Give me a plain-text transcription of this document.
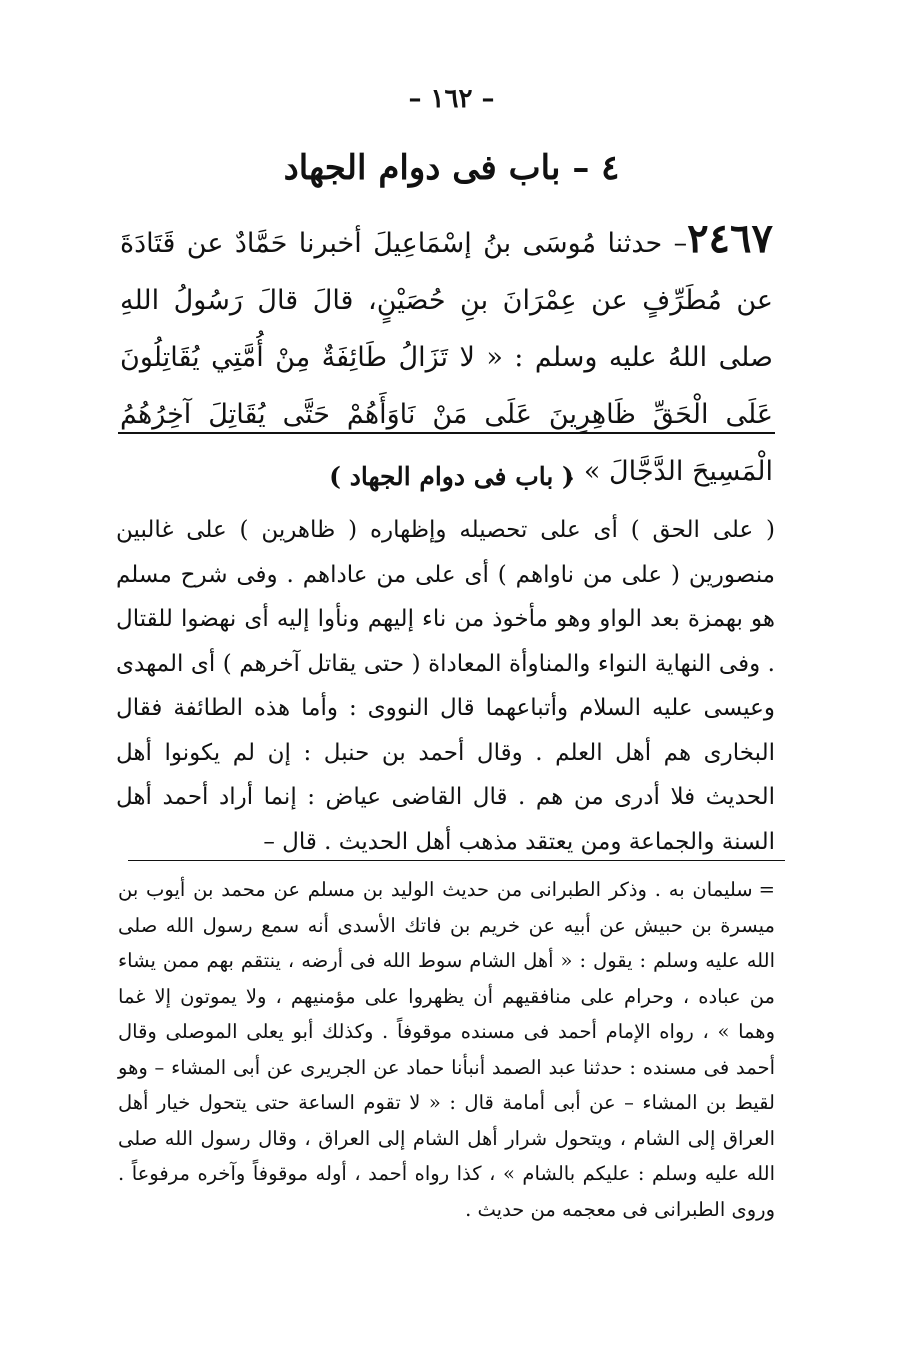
– ١٦٢ –
٤ – باب فى دوام الجهاد
٢٤٦٧– حدثنا مُوسَى بنُ إسْمَاعِيلَ أخبرنا حَمَّادٌ عن قَتَادَةَ عن مُطَرِّفٍ عن عِمْرَانَ بنِ حُصَيْنٍ، قالَ قالَ رَسُولُ اللهِ صلى اللهُ عليه وسلم : « لا تَزَالُ طَائِفَةٌ مِنْ أُمَّتِي يُقَاتِلُونَ عَلَى الْحَقِّ ظَاهِرِينَ عَلَى مَنْ نَاوَأَهُمْ حَتَّى يُقَاتِلَ آخِرُهُمُ الْمَسِيحَ الدَّجَّالَ » .
( باب فى دوام الجهاد )

( على الحق ) أى على تحصيله وإظهاره ( ظاهرين ) على غالبين منصورين ( على من ناواهم ) أى على من عاداهم . وفى شرح مسلم هو بهمزة بعد الواو وهو مأخوذ من ناء إليهم ونأوا إليه أى نهضوا للقتال . وفى النهاية النواء والمناوأة المعاداة ( حتى يقاتل آخرهم ) أى المهدى وعيسى عليه السلام وأتباعهما قال النووى : وأما هذه الطائفة فقال البخارى هم أهل العلم . وقال أحمد بن حنبل : إن لم يكونوا أهل الحديث فلا أدرى من هم . قال القاضى عياض : إنما أراد أحمد أهل السنة والجماعة ومن يعتقد مذهب أهل الحديث . قال –

=سليمان به . وذكر الطبرانى من حديث الوليد بن مسلم عن محمد بن أيوب بن ميسرة بن حبيش عن أبيه عن خريم بن فاتك الأسدى أنه سمع رسول الله صلى الله عليه وسلم : يقول : « أهل الشام سوط الله فى أرضه ، ينتقم بهم ممن يشاء من عباده ، وحرام على منافقيهم أن يظهروا على مؤمنيهم ، ولا يموتون إلا غما وهما » ، رواه الإمام أحمد فى مسنده موقوفاً . وكذلك أبو يعلى الموصلى وقال أحمد فى مسنده : حدثنا عبد الصمد أنبأنا حماد عن الجريرى عن أبى المشاء – وهو لقيط بن المشاء – عن أبى أمامة قال : « لا تقوم الساعة حتى يتحول خيار أهل العراق إلى الشام ، ويتحول شرار أهل الشام إلى العراق ، وقال رسول الله صلى الله عليه وسلم : عليكم بالشام » ، كذا رواه أحمد ، أوله موقوفاً وآخره مرفوعاً . وروى الطبرانى فى معجمه من حديث .
